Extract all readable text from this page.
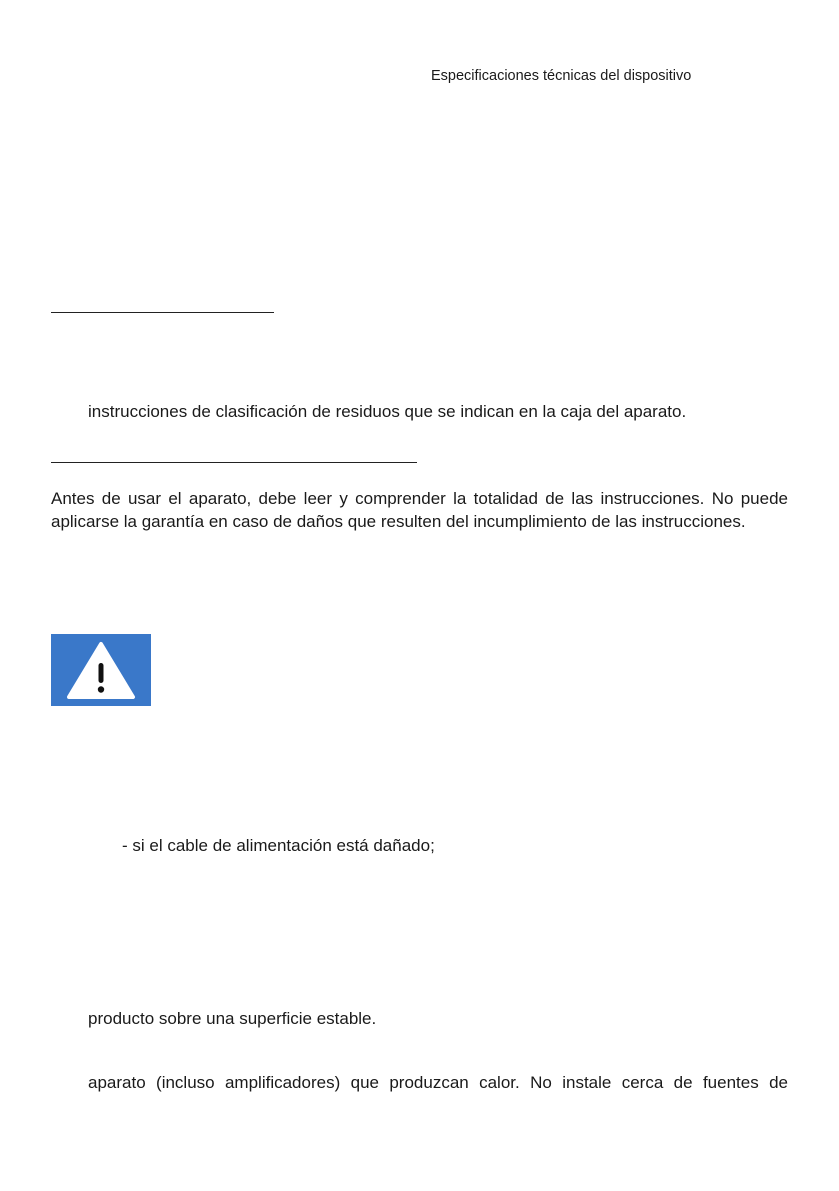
Especificaciones técnicas del dispositivo
instrucciones de clasificación de residuos que se indican en la caja del aparato.
Antes de usar el aparato, debe leer y comprender la totalidad de las instrucciones. No puede
aplicarse la garantía en caso de daños que resulten del incumplimiento de las instrucciones.
- si el cable de alimentación está dañado;
producto sobre una superficie estable.
aparato (incluso amplificadores) que produzcan calor. No instale cerca de fuentes de
